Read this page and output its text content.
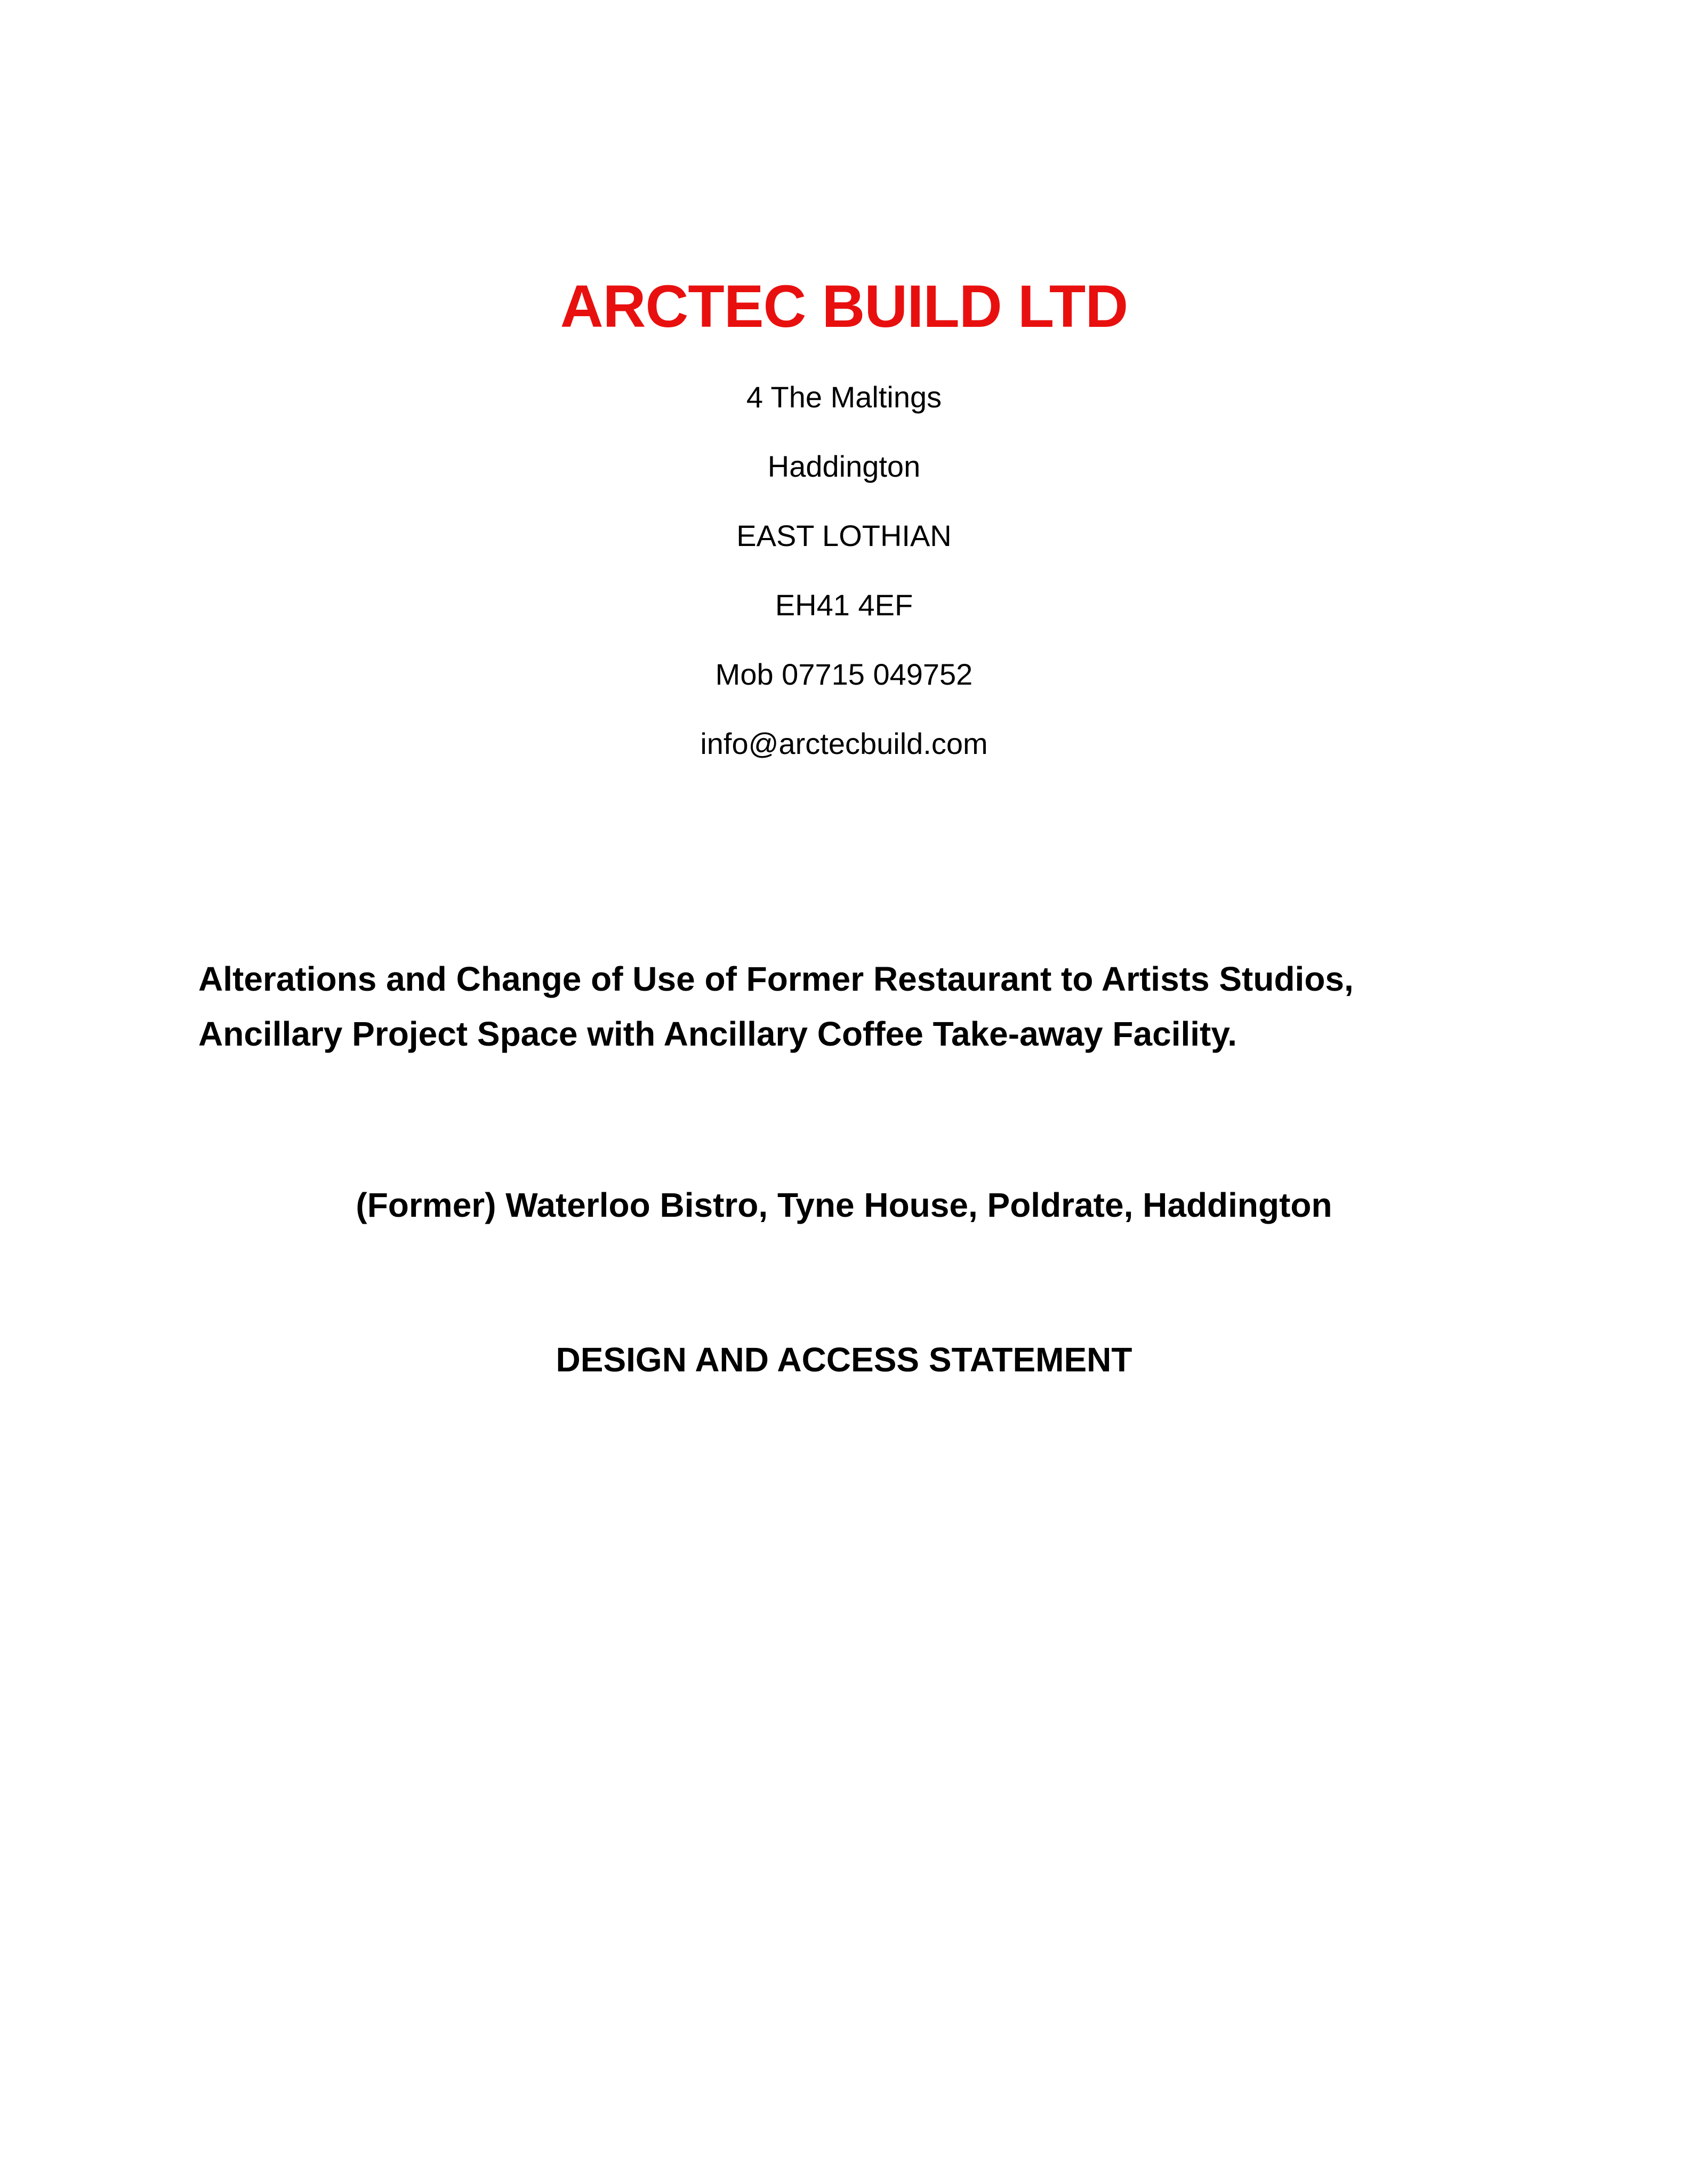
ARCTEC BUILD LTD
4 The Maltings
Haddington
EAST LOTHIAN
EH41 4EF
Mob 07715 049752
info@arctecbuild.com

Alterations and Change of Use of Former Restaurant to Artists Studios, Ancillary Project Space with Ancillary Coffee Take-away Facility.

(Former) Waterloo Bistro, Tyne House, Poldrate, Haddington

DESIGN AND ACCESS STATEMENT
